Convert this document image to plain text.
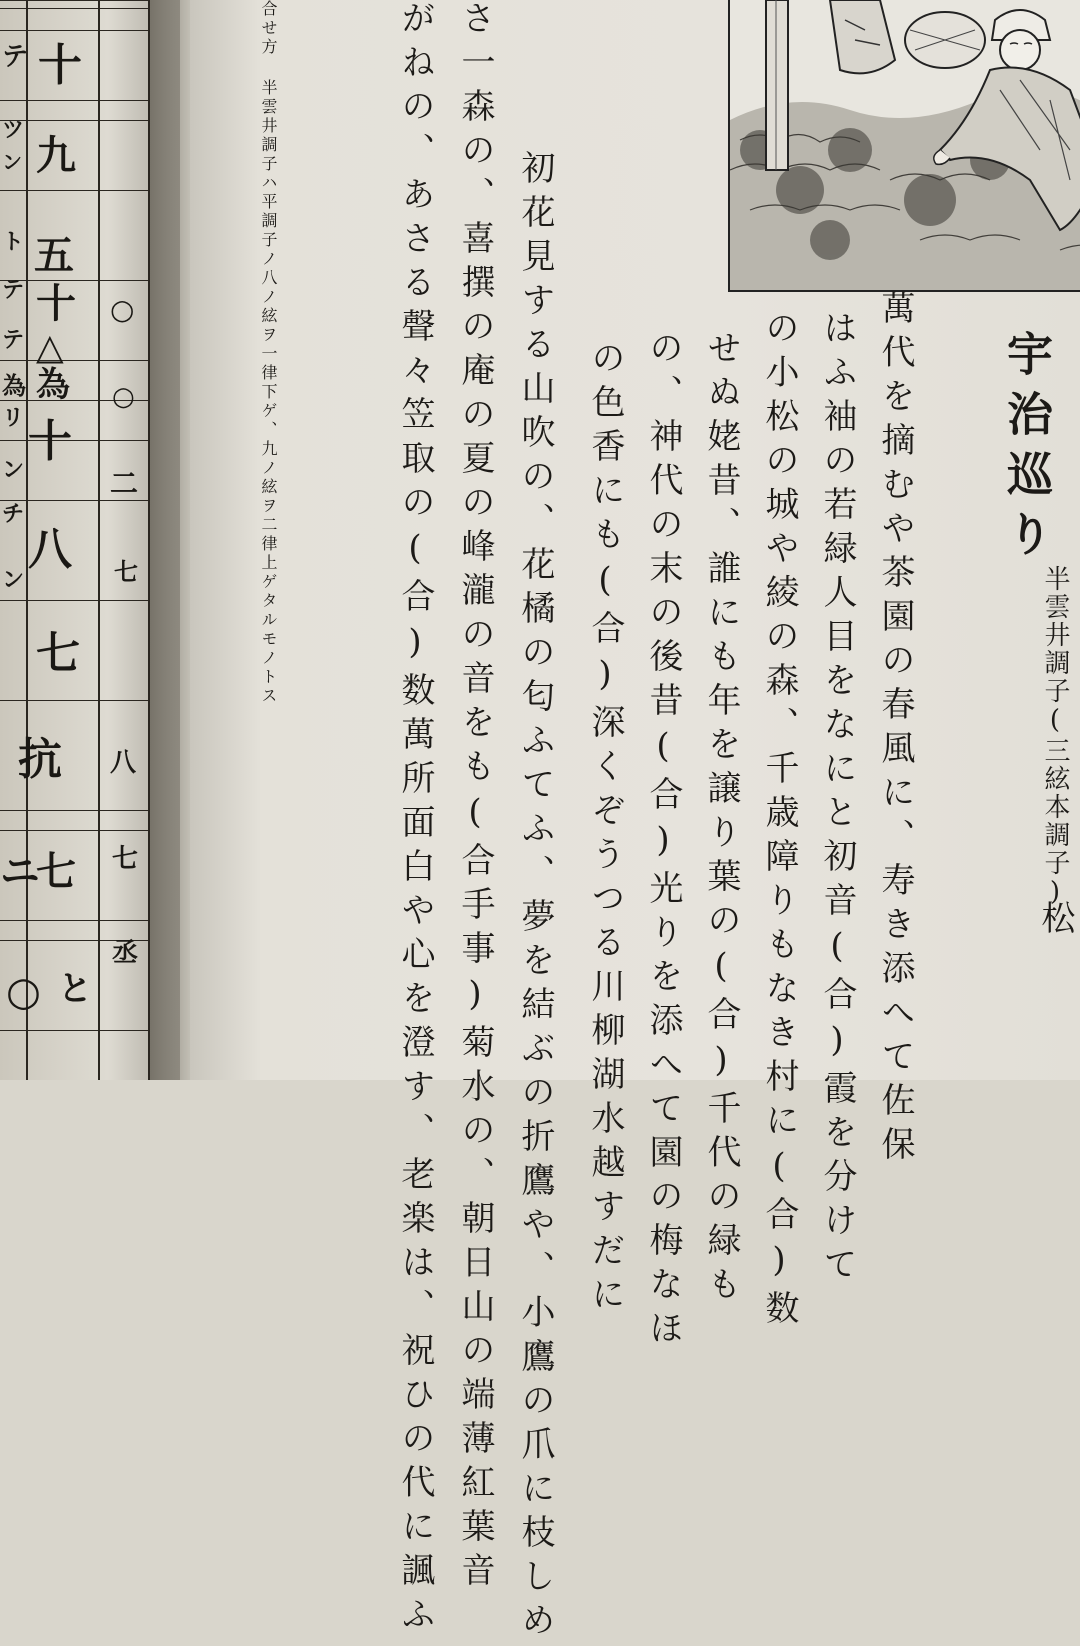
テ 十
ツ
九
ン
ト 五
テ 十
テ △
為 為
リ 十
ン
チ
八
ン
七
抗
ニ
七
○ と
○
○
二
七
八
七
丞
松
宇治巡り
半雲井調子(三絃本調子)
萬代を摘むや茶園の春風に、寿き添へて佐保
はふ袖の若緑人目をなにと初音(合)霞を分けて
の小松の城や綾の森、千歳障りもなき村に(合)数
せぬ姥昔、誰にも年を譲り葉の(合)千代の緑も
の、神代の末の後昔(合)光りを添へて園の梅なほ
の色香にも(合)深くぞうつる川柳湖水越すだに
初花見する山吹の、花橘の匂ふてふ、夢を結ぶの折鷹や、小鷹の爪に枝しめ
さ一森の、喜撰の庵の夏の峰瀧の音をも(合手事)菊水の、朝日山の端薄紅葉音
がねの、あさる聲々笠取の(合)数萬所面白や心を澄す、老楽は、祝ひの代に諷ふ
合せ方 半雲井調子ハ平調子ノ八ノ絃ヲ一律下ゲ、九ノ絃ヲ二律上ゲタルモノトス
